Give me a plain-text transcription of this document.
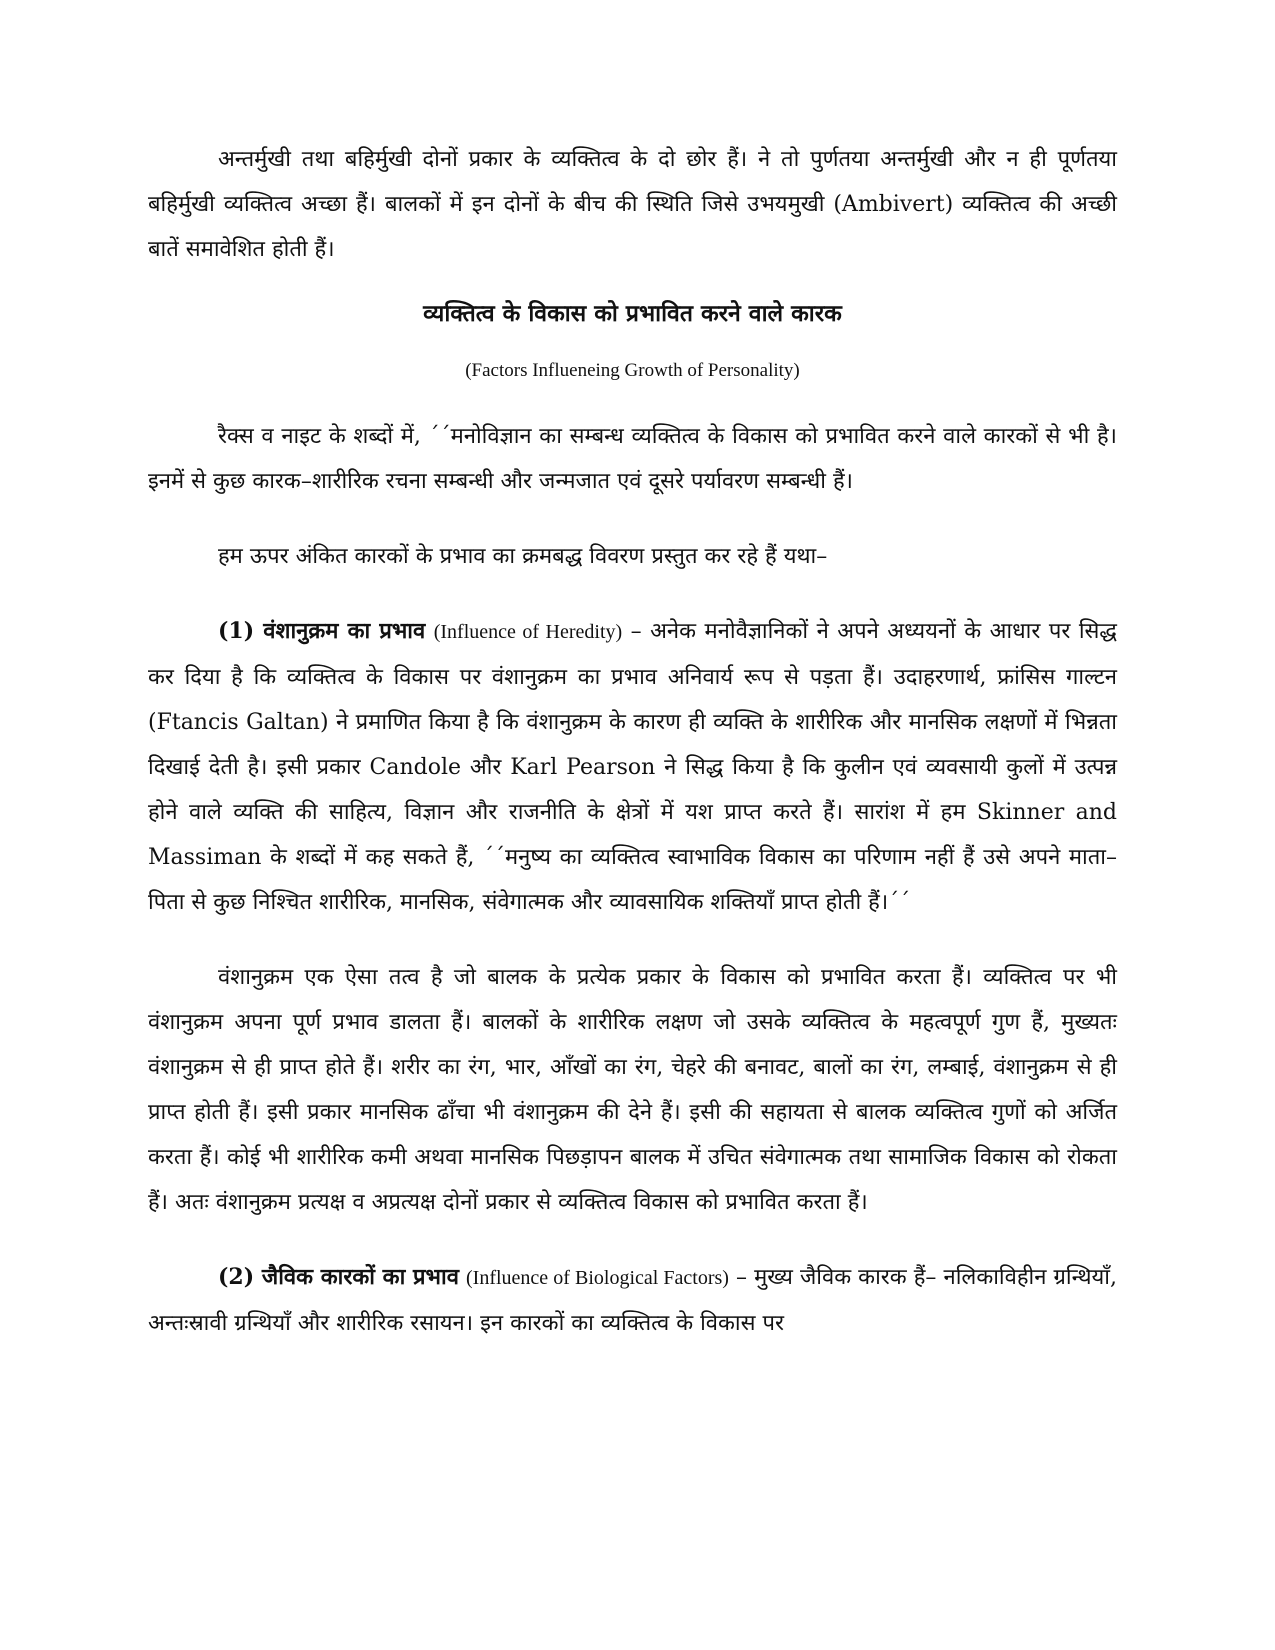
अन्तर्मुखी तथा बहिर्मुखी दोनों प्रकार के व्यक्तित्व के दो छोर हैं। ने तो पुर्णतया अन्तर्मुखी और न ही पूर्णतया बहिर्मुखी व्यक्तित्व अच्छा हैं। बालकों में इन दोनों के बीच की स्थिति जिसे उभयमुखी (Ambivert) व्यक्तित्व की अच्छी बातें समावेशित होती हैं।

व्यक्तित्व के विकास को प्रभावित करने वाले कारक
(Factors Influeneing Growth of Personality)

रैक्स व नाइट के शब्दों में, ´´मनोविज्ञान का सम्बन्ध व्यक्तित्व के विकास को प्रभावित करने वाले कारकों से भी है। इनमें से कुछ कारक–शारीरिक रचना सम्बन्धी और जन्मजात एवं दूसरे पर्यावरण सम्बन्धी हैं।

हम ऊपर अंकित कारकों के प्रभाव का क्रमबद्ध विवरण प्रस्तुत कर रहे हैं यथा–

(1) वंशानुक्रम का प्रभाव (Influence of Heredity) – अनेक मनोवैज्ञानिकों ने अपने अध्ययनों के आधार पर सिद्ध कर दिया है कि व्यक्तित्व के विकास पर वंशानुक्रम का प्रभाव अनिवार्य रूप से पड़ता हैं। उदाहरणार्थ, फ्रांसिस गाल्टन (Ftancis Galtan) ने प्रमाणित किया है कि वंशानुक्रम के कारण ही व्यक्ति के शारीरिक और मानसिक लक्षणों में भिन्नता दिखाई देती है। इसी प्रकार Candole और Karl Pearson ने सिद्ध किया है कि कुलीन एवं व्यवसायी कुलों में उत्पन्न होने वाले व्यक्ति की साहित्य, विज्ञान और राजनीति के क्षेत्रों में यश प्राप्त करते हैं। सारांश में हम Skinner and Massiman के शब्दों में कह सकते हैं, ´´मनुष्य का व्यक्तित्व स्वाभाविक विकास का परिणाम नहीं हैं उसे अपने माता–पिता से कुछ निश्चित शारीरिक, मानसिक, संवेगात्मक और व्यावसायिक शक्तियॉं प्राप्त होती हैं।´´

वंशानुक्रम एक ऐसा तत्व है जो बालक के प्रत्येक प्रकार के विकास को प्रभावित करता हैं। व्यक्तित्व पर भी वंशानुक्रम अपना पूर्ण प्रभाव डालता हैं। बालकों के शारीरिक लक्षण जो उसके व्यक्तित्व के महत्वपूर्ण गुण हैं, मुख्यतः वंशानुक्रम से ही प्राप्त होते हैं। शरीर का रंग, भार, ऑंखों का रंग, चेहरे की बनावट, बालों का रंग, लम्बाई, वंशानुक्रम से ही प्राप्त होती हैं। इसी प्रकार मानसिक ढॉंचा भी वंशानुक्रम की देने हैं। इसी की सहायता से बालक व्यक्तित्व गुणों को अर्जित करता हैं। कोई भी शारीरिक कमी अथवा मानसिक पिछड़ापन बालक में उचित संवेगात्मक तथा सामाजिक विकास को रोकता हैं। अतः वंशानुक्रम प्रत्यक्ष व अप्रत्यक्ष दोनों प्रकार से व्यक्तित्व विकास को प्रभावित करता हैं।

(2) जैविक कारकों का प्रभाव (Influence of Biological Factors) – मुख्य जैविक कारक हैं– नलिकाविहीन ग्रन्थियॉं, अन्तःस्रावी ग्रन्थियॉं और शारीरिक रसायन। इन कारकों का व्यक्तित्व के विकास पर
